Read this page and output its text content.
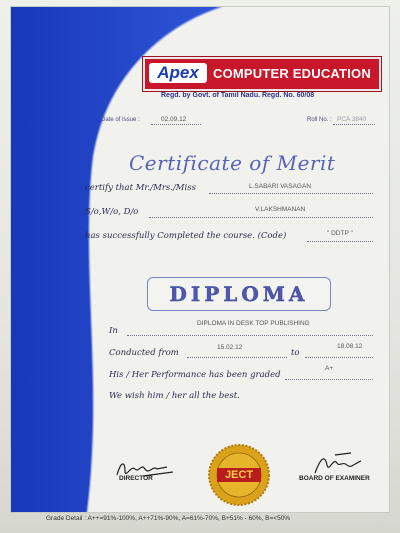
Apex	COMPUTER EDUCATION
Regd. by Govt. of Tamil Nadu. Regd. No. 60/08
Date of Issue :	02.09.12	Roll No. : PCA 3840
Certificate of Merit
certify that Mr./Mrs./Miss	L.SABARI VASAGAN
S/o,W/o, D/o	V.LAKSHMANAN
has successfully Completed the course. (Code)	" DDTP "
DIPLOMA
In
DIPLOMA IN DESK TOP PUBLISHING
Conducted from
15.02.12
to
18.08.12
His / Her Performance has been graded
A+
We wish him / her all the best.
DIRECTOR	JECT	BOARD OF EXAMINER
Grade Detail : A++=91%-100%, A++71%-90%, A=61%-70%, B+51% - 60%, B=<50%
